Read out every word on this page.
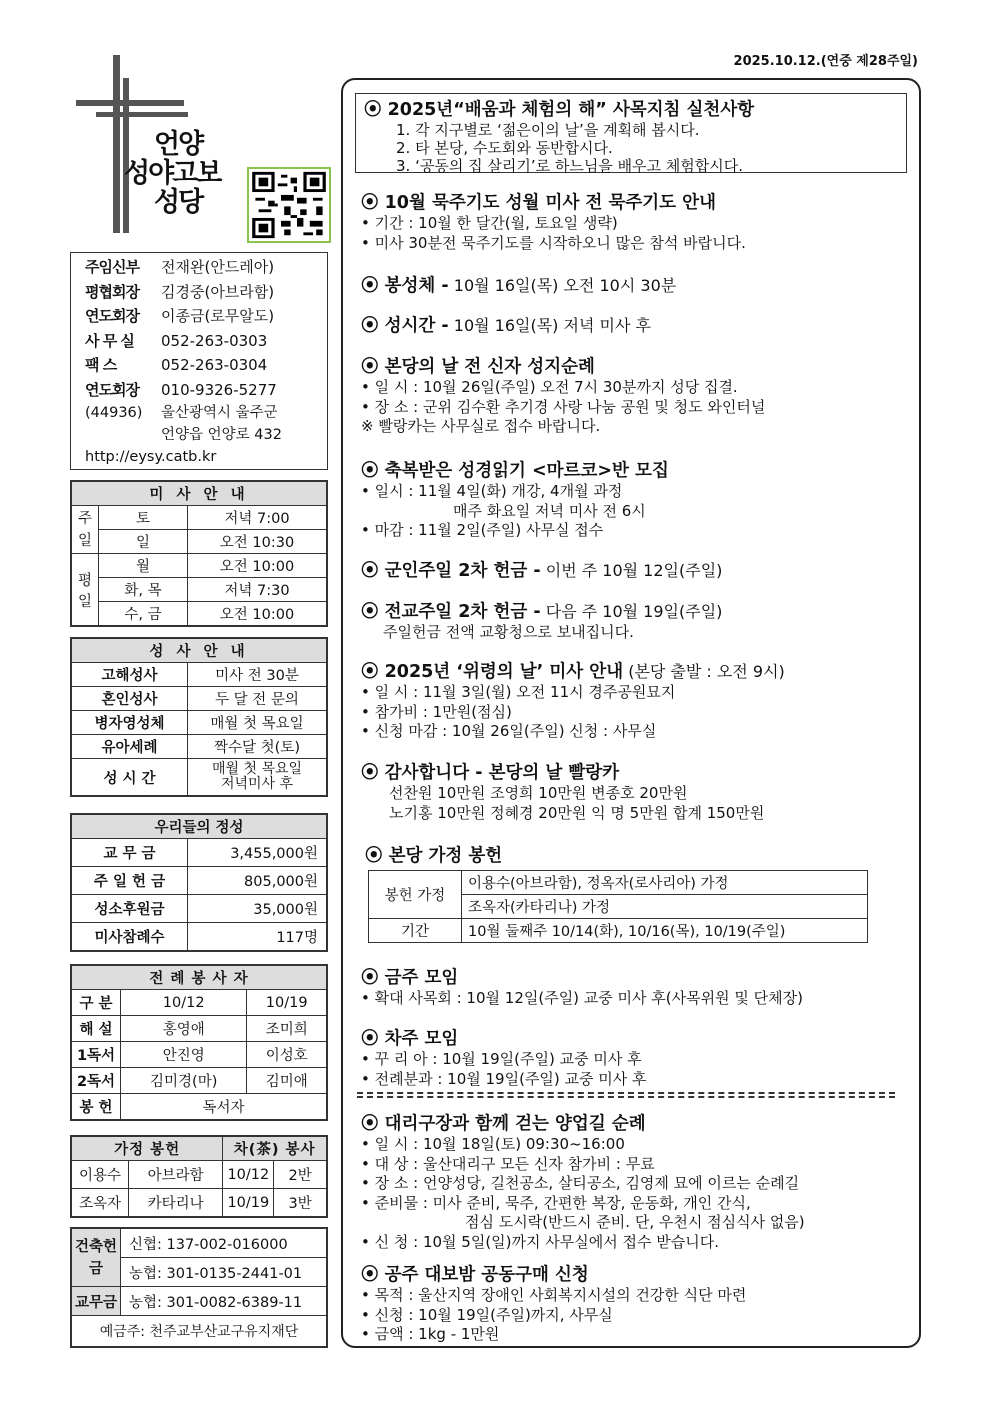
2025.10.12.(연중 제28주일)
언양
성야고보
성당
주임신부 전재완(안드레아)
평협회장 김경중(아브라함)
연도회장 이종금(로무알도)
사 무 실 052-263-0303
팩 스	052-263-0304
연도회장 010-9326-5277
(44936) 울산광역시 울주군
언양읍 언양로 432
http://eysy.catb.kr
미 사 안 내		
주일	토	저녁 7:00
	일	오전 10:30
평일	월	오전 10:00
	화, 목	저녁 7:30
	수, 금	오전 10:00
성 사 안 내	
고해성사	미사 전 30분
혼인성사	두 달 전 문의
병자영성체	매월 첫 목요일
유아세례	짝수달 첫(토)
성 시 간	매월 첫 목요일
저녁미사 후
우리들의 정성	
교 무 금	3,455,000원
주 일 헌 금	805,000원
성소후원금	35,000원
미사참례수	117명
전 례 봉 사 자		
구 분	10/12	10/19
해 설	홍영애	조미희
1독서	안진영	이성호
2독서	김미경(마)	김미애
봉 헌	독서자	
가정 봉헌		차(茶) 봉사	
이용수	아브라함	10/12	2반
조옥자	카타리나	10/19	3반
건축헌금	신협: 137-002-016000
	농협: 301-0135-2441-01
교무금	농협: 301-0082-6389-11
예금주: 천주교부산교구유지재단	
⦿ 2025년“배움과 체험의 해” 사목지침 실천사항
1. 각 지구별로 ‘젊은이의 날’을 계획해 봅시다.
2. 타 본당, 수도회와 동반합시다.
3. ‘공동의 집 살리기’로 하느님을 배우고 체험합시다.
⦿ 10월 묵주기도 성월 미사 전 묵주기도 안내
• 기간 : 10월 한 달간(월, 토요일 생략)
• 미사 30분전 묵주기도를 시작하오니 많은 참석 바랍니다.
⦿ 봉성체 - 10월 16일(목) 오전 10시 30분
⦿ 성시간 - 10월 16일(목) 저녁 미사 후
⦿ 본당의 날 전 신자 성지순례
• 일 시 : 10월 26일(주일) 오전 7시 30분까지 성당 집결.
• 장 소 : 군위 김수환 추기경 사랑 나눔 공원 및 청도 와인터널
※ 빨랑카는 사무실로 접수 바랍니다.
⦿ 축복받은 성경읽기 <마르코>반 모집
• 일시 : 11월 4일(화) 개강, 4개월 과정
매주 화요일 저녁 미사 전 6시
• 마감 : 11월 2일(주일) 사무실 접수
⦿ 군인주일 2차 헌금 - 이번 주 10월 12일(주일)
⦿ 전교주일 2차 헌금 - 다음 주 10월 19일(주일)
주일헌금 전액 교황청으로 보내집니다.
⦿ 2025년 ‘위령의 날’ 미사 안내 (본당 출발 : 오전 9시)
• 일 시 : 11월 3일(월) 오전 11시 경주공원묘지
• 참가비 : 1만원(점심)
• 신청 마감 : 10월 26일(주일) 신청 : 사무실
⦿ 감사합니다 - 본당의 날 빨랑카
선찬원 10만원 조영희 10만원 변종호 20만원
노기홍 10만원 정혜경 20만원 익 명 5만원 합계 150만원
⦿ 본당 가정 봉헌
봉헌 가정	이용수(아브라함), 정옥자(로사리아) 가정
	조옥자(카타리나) 가정
기간	10월 둘째주 10/14(화), 10/16(목), 10/19(주일)
⦿ 금주 모임
• 확대 사목회 : 10월 12일(주일) 교중 미사 후(사목위원 및 단체장)
⦿ 차주 모임
• 꾸 리 아 : 10월 19일(주일) 교중 미사 후
• 전례분과 : 10월 19일(주일) 교중 미사 후
⦿ 대리구장과 함께 걷는 양업길 순례
• 일 시 : 10월 18일(토) 09:30~16:00
• 대 상 : 울산대리구 모든 신자 참가비 : 무료
• 장 소 : 언양성당, 길천공소, 살티공소, 김영제 묘에 이르는 순례길
• 준비물 : 미사 준비, 묵주, 간편한 복장, 운동화, 개인 간식,
점심 도시락(반드시 준비. 단, 우천시 점심식사 없음)
• 신 청 : 10월 5일(일)까지 사무실에서 접수 받습니다.
⦿ 공주 대보밤 공동구매 신청
• 목적 : 울산지역 장애인 사회복지시설의 건강한 식단 마련
• 신청 : 10월 19일(주일)까지, 사무실
• 금액 : 1kg - 1만원
